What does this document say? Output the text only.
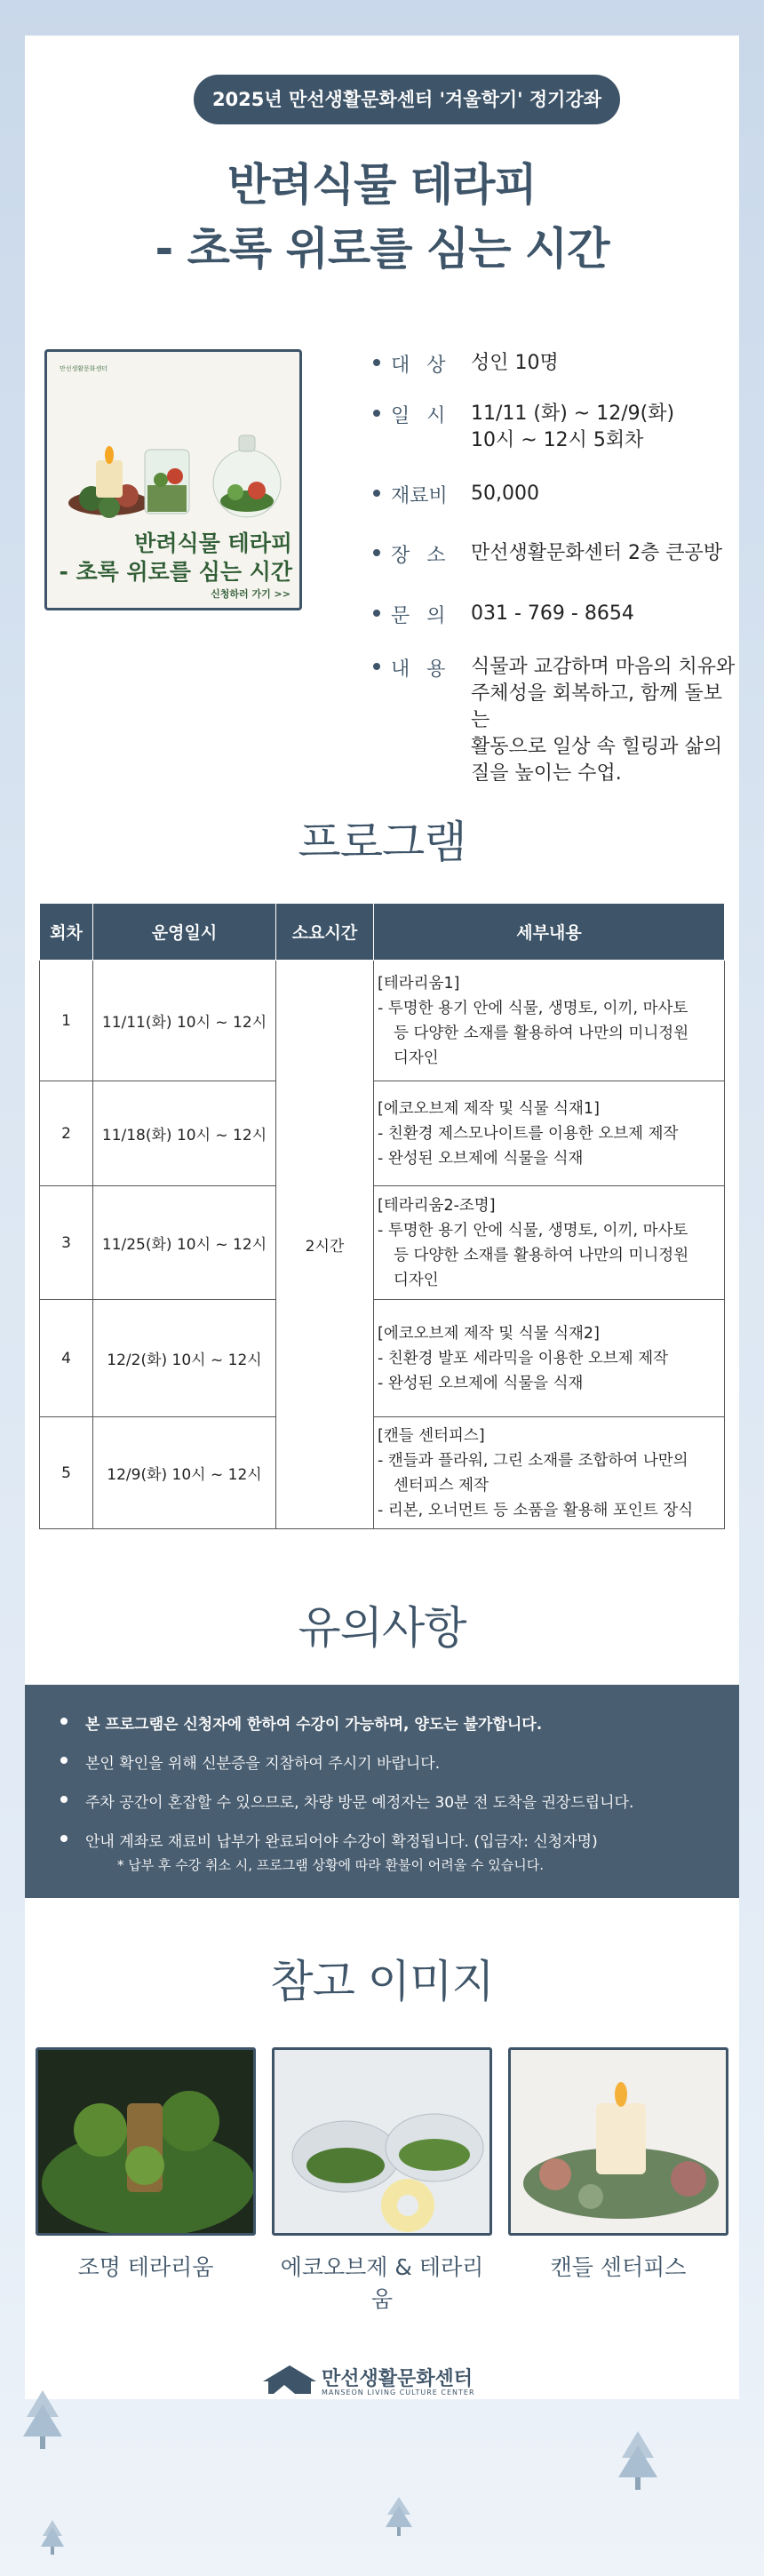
2025년 만선생활문화센터 '겨울학기' 정기강좌
반려식물 테라피
- 초록 위로를 심는 시간
만선생활문화센터
반려식물 테라피
- 초록 위로를 심는 시간
신청하러 가기 >>
대 상	성인 10명
일 시	11/11 (화) ~ 12/9(화)
10시 ~ 12시 5회차
재료비	50,000
장 소	만선생활문화센터 2층 큰공방
문 의	031 - 769 - 8654
내 용	식물과 교감하며 마음의 치유와
주체성을 회복하고, 함께 돌보는
활동으로 일상 속 힐링과 삶의
질을 높이는 수업.
프로그램
회차	운영일시	소요시간	세부내용
1	11/11(화) 10시 ~ 12시	2시간	[테라리움1]
- 투명한 용기 안에 식물, 생명토, 이끼, 마사토
등 다양한 소재를 활용하여 나만의 미니정원
디자인

2	11/18(화) 10시 ~ 12시		[에코오브제 제작 및 식물 식재1]
- 친환경 제스모나이트를 이용한 오브제 제작
- 완성된 오브제에 식물을 식재

3	11/25(화) 10시 ~ 12시		[테라리움2-조명]
- 투명한 용기 안에 식물, 생명토, 이끼, 마사토
등 다양한 소재를 활용하여 나만의 미니정원
디자인

4	12/2(화) 10시 ~ 12시		[에코오브제 제작 및 식물 식재2]
- 친환경 발포 세라믹을 이용한 오브제 제작
- 완성된 오브제에 식물을 식재

5	12/9(화) 10시 ~ 12시		[캔들 센터피스]
- 캔들과 플라워, 그린 소재를 조합하여 나만의
센터피스 제작
- 리본, 오너먼트 등 소품을 활용해 포인트 장식
유의사항
본 프로그램은 신청자에 한하여 수강이 가능하며, 양도는 불가합니다.
본인 확인을 위해 신분증을 지참하여 주시기 바랍니다.
주차 공간이 혼잡할 수 있으므로, 차량 방문 예정자는 30분 전 도착을 권장드립니다.
안내 계좌로 재료비 납부가 완료되어야 수강이 확정됩니다. (입금자: 신청자명)
* 납부 후 수강 취소 시, 프로그램 상황에 따라 환불이 어려울 수 있습니다.
참고 이미지
조명 테라리움	에코오브제 & 테라리움
캔들 센터피스
만선생활문화센터
MANSEON LIVING CULTURE CENTER
